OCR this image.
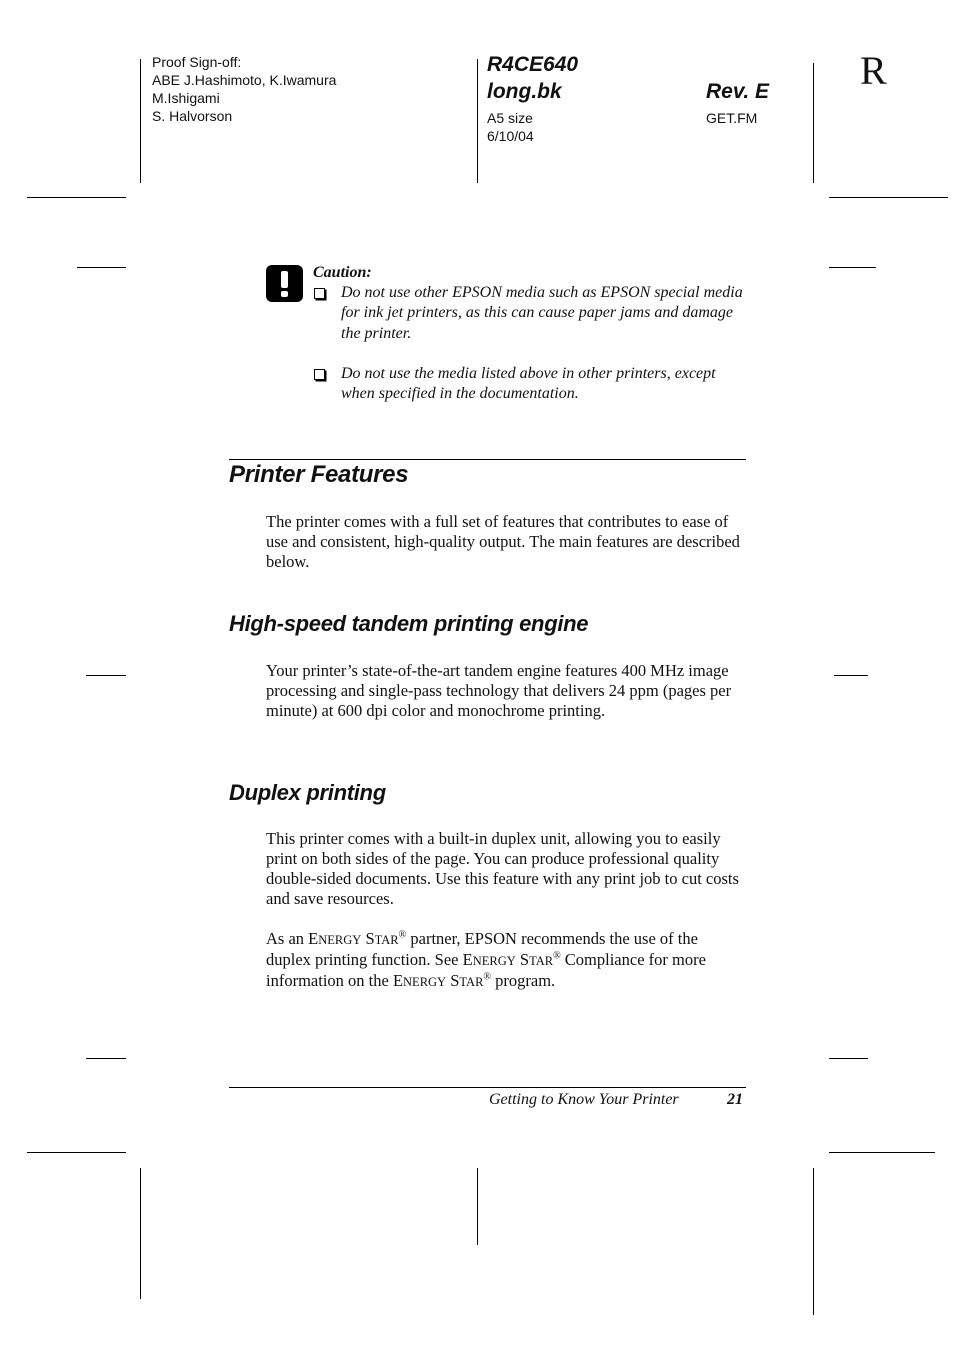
Proof Sign-off:
ABE J.Hashimoto, K.Iwamura
M.Ishigami
S. Halvorson
R4CE640
long.bk	Rev. E
A5 size
6/10/04
GET.FM
R
Caution:
Do not use other EPSON media such as EPSON special media for ink jet printers, as this can cause paper jams and damage the printer.
Do not use the media listed above in other printers, except when specified in the documentation.
Printer Features
The printer comes with a full set of features that contributes to ease of use and consistent, high-quality output. The main features are described below.
High-speed tandem printing engine
Your printer’s state-of-the-art tandem engine features 400 MHz image processing and single-pass technology that delivers 24 ppm (pages per minute) at 600 dpi color and monochrome printing.
Duplex printing
This printer comes with a built-in duplex unit, allowing you to easily print on both sides of the page. You can produce professional quality double-sided documents. Use this feature with any print job to cut costs and save resources.
As an ENERGY STAR® partner, EPSON recommends the use of the duplex printing function. See ENERGY STAR® Compliance for more information on the ENERGY STAR® program.
Getting to Know Your Printer	21
